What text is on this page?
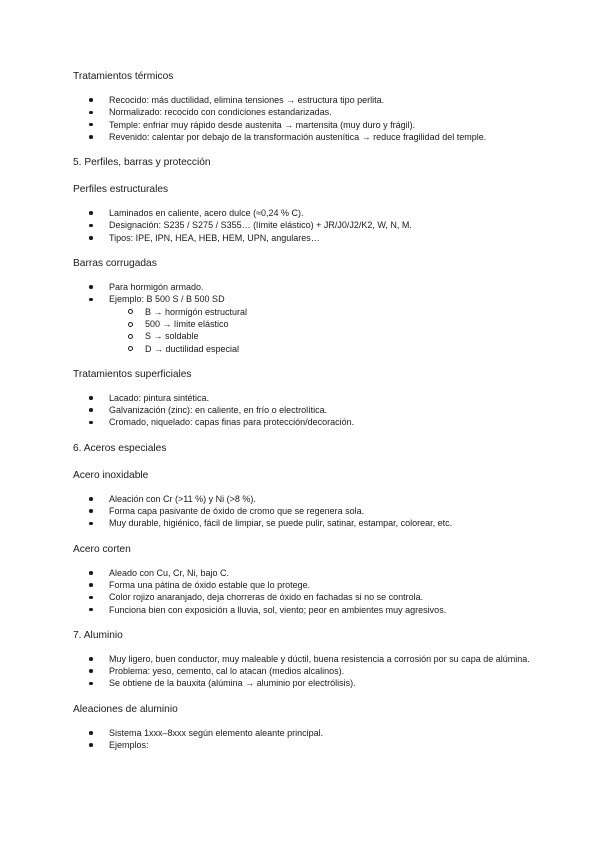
Tratamientos térmicos

Recocido: más ductilidad, elimina tensiones → estructura tipo perlita.
Normalizado: recocido con condiciones estandarizadas.
Temple: enfriar muy rápido desde austenita → martensita (muy duro y frágil).
Revenido: calentar por debajo de la transformación austenítica → reduce fragilidad del temple.

5. Perfiles, barras y protección

Perfiles estructurales

Laminados en caliente, acero dulce (≈0,24 % C).
Designación: S235 / S275 / S355… (límite elástico) + JR/J0/J2/K2, W, N, M.
Tipos: IPE, IPN, HEA, HEB, HEM, UPN, angulares…

Barras corrugadas

Para hormigón armado.
Ejemplo: B 500 S / B 500 SD
B → hormigón estructural
500 → límite elástico
S → soldable
D → ductilidad especial

Tratamientos superficiales

Lacado: pintura sintética.
Galvanización (zinc): en caliente, en frío o electrolítica.
Cromado, niquelado: capas finas para protección/decoración.

6. Aceros especiales

Acero inoxidable

Aleación con Cr (>11 %) y Ni (>8 %).
Forma capa pasivante de óxido de cromo que se regenera sola.
Muy durable, higiénico, fácil de limpiar, se puede pulir, satinar, estampar, colorear, etc.

Acero corten

Aleado con Cu, Cr, Ni, bajo C.
Forma una pátina de óxido estable que lo protege.
Color rojizo anaranjado, deja chorreras de óxido en fachadas si no se controla.
Funciona bien con exposición a lluvia, sol, viento; peor en ambientes muy agresivos.

7. Aluminio

Muy ligero, buen conductor, muy maleable y dúctil, buena resistencia a corrosión por su capa de alúmina.
Problema: yeso, cemento, cal lo atacan (medios alcalinos).
Se obtiene de la bauxita (alúmina → aluminio por electrólisis).

Aleaciones de aluminio

Sistema 1xxx–8xxx según elemento aleante principal.
Ejemplos:
